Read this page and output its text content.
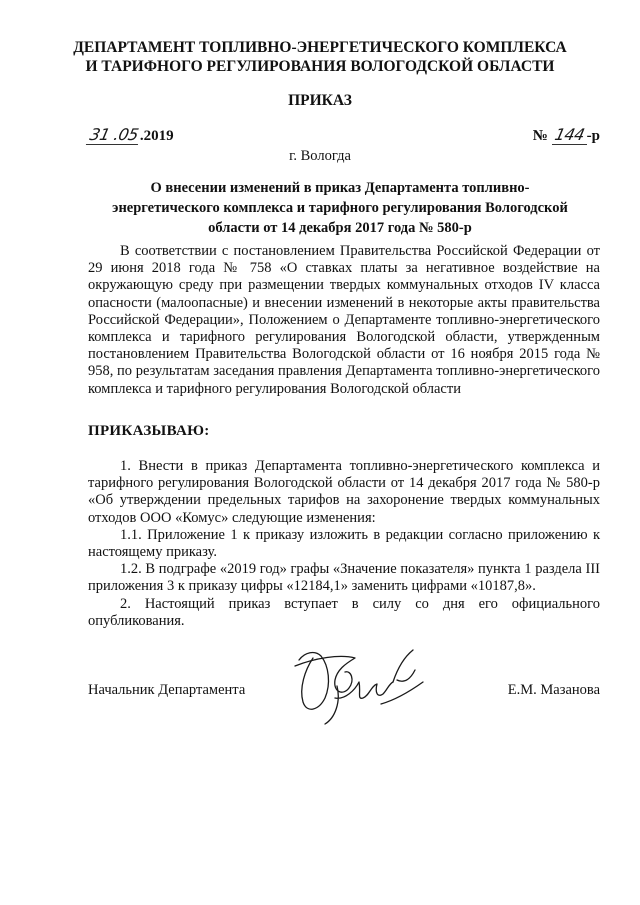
ДЕПАРТАМЕНТ ТОПЛИВНО-ЭНЕРГЕТИЧЕСКОГО КОМПЛЕКСА
И ТАРИФНОГО РЕГУЛИРОВАНИЯ ВОЛОГОДСКОЙ ОБЛАСТИ
ПРИКАЗ
31 .05.2019	№ 144-р
г. Вологда
О внесении изменений в приказ Департамента топливно-энергетического комплекса и тарифного регулирования Вологодской области от 14 декабря 2017 года № 580-р

В соответствии с постановлением Правительства Российской Федерации от 29 июня 2018 года № 758 «О ставках платы за негативное воздействие на окружающую среду при размещении твердых коммунальных отходов IV класса опасности (малоопасные) и внесении изменений в некоторые акты правительства Российской Федерации», Положением о Департаменте топливно-энергетического комплекса и тарифного регулирования Вологодской области, утвержденным постановлением Правительства Вологодской области от 16 ноября 2015 года № 958, по результатам заседания правления Департамента топливно-энергетического комплекса и тарифного регулирования Вологодской области

ПРИКАЗЫВАЮ:

1. Внести в приказ Департамента топливно-энергетического комплекса и тарифного регулирования Вологодской области от 14 декабря 2017 года № 580-р «Об утверждении предельных тарифов на захоронение твердых коммунальных отходов ООО «Комус» следующие изменения:

1.1. Приложение 1 к приказу изложить в редакции согласно приложению к настоящему приказу.

1.2. В подграфе «2019 год» графы «Значение показателя» пункта 1 раздела III приложения 3 к приказу цифры «12184,1» заменить цифрами «10187,8».

2. Настоящий приказ вступает в силу со дня его официального опубликования.

Начальник Департамента	Е.М. Мазанова
